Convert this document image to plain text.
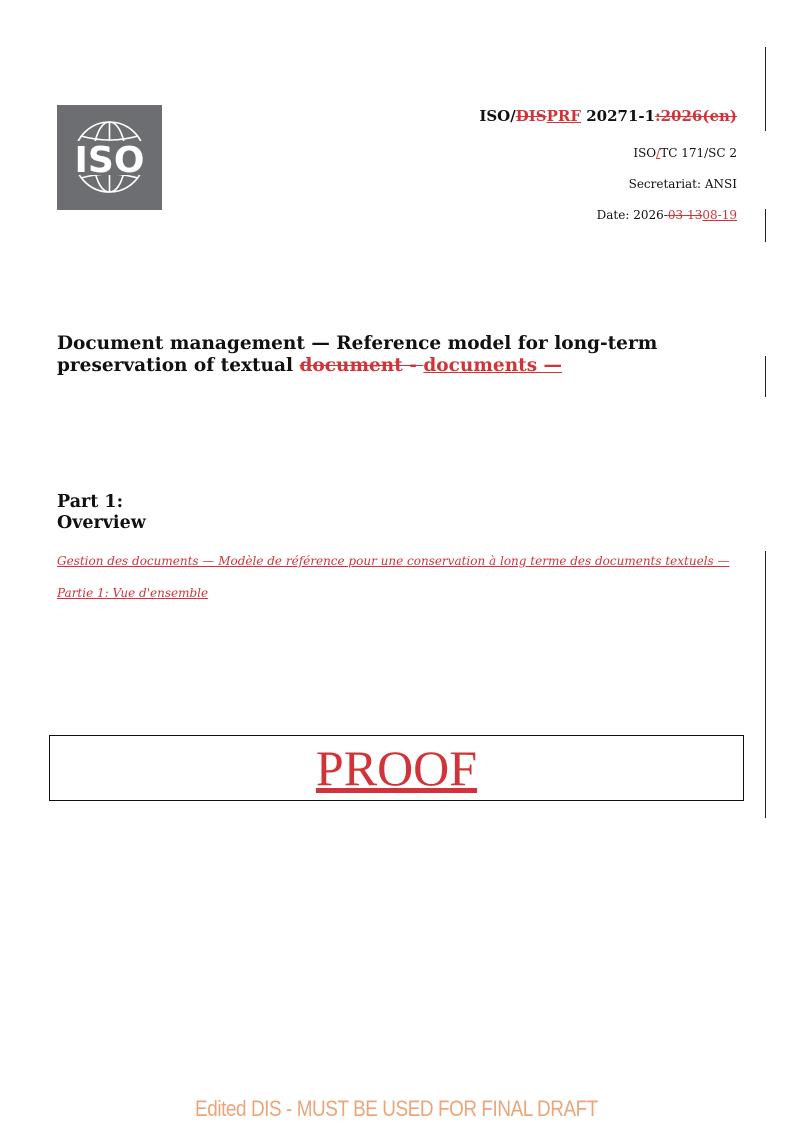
ISO
ISO/DISPRF 20271-1:2026(en)
ISO/TC 171/SC 2
Secretariat: ANSI
Date: 2026-03-1308-19
Document management — Reference model for long-term
preservation of textual document - documents —
Part 1:
Overview
Gestion des documents — Modèle de référence pour une conservation à long terme des documents textuels —
Partie 1: Vue d'ensemble
PROOF
Edited DIS - MUST BE USED FOR FINAL DRAFT
